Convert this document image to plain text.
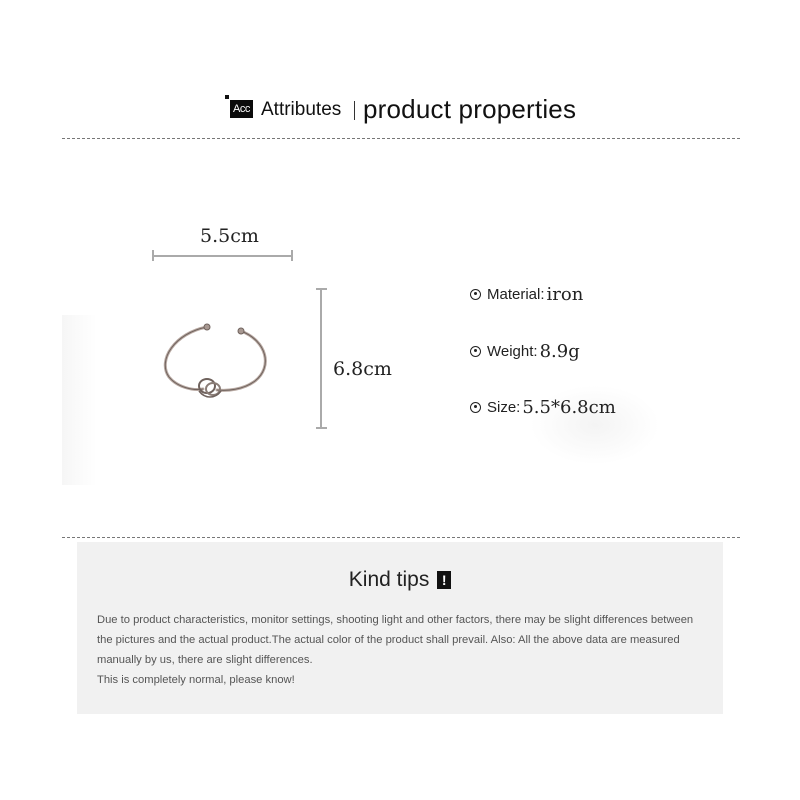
Acc Attributes product properties
5.5cm
6.8cm
Material: iron
Weight: 8.9g
Size: 5.5*6.8cm
Kind tips !
Due to product characteristics, monitor settings, shooting light and other factors, there may be slight differences between the pictures and the actual product.The actual color of the product shall prevail. Also: All the above data are measured manually by us, there are slight differences.
This is completely normal, please know!
